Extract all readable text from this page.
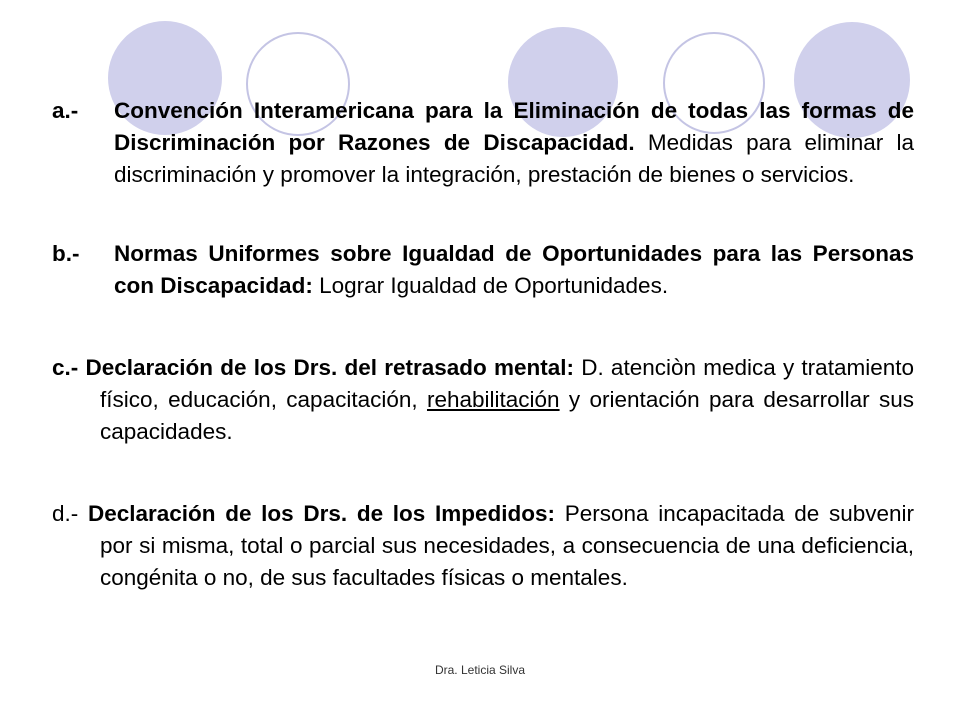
a.- Convención Interamericana para la Eliminación de todas las formas de Discriminación por Razones de Discapacidad. Medidas para eliminar la discriminación y promover la integración, prestación de bienes o servicios.

b.- Normas Uniformes sobre Igualdad de Oportunidades para las Personas con Discapacidad: Lograr Igualdad de Oportunidades.

c.- Declaración de los Drs. del retrasado mental: D. atenciòn medica y tratamiento físico, educación, capacitación, rehabilitación y orientación para desarrollar sus capacidades.

d.- Declaración de los Drs. de los Impedidos: Persona incapacitada de subvenir por si misma, total o parcial sus necesidades, a consecuencia de una deficiencia, congénita o no, de sus facultades físicas o mentales.

Dra. Leticia Silva
